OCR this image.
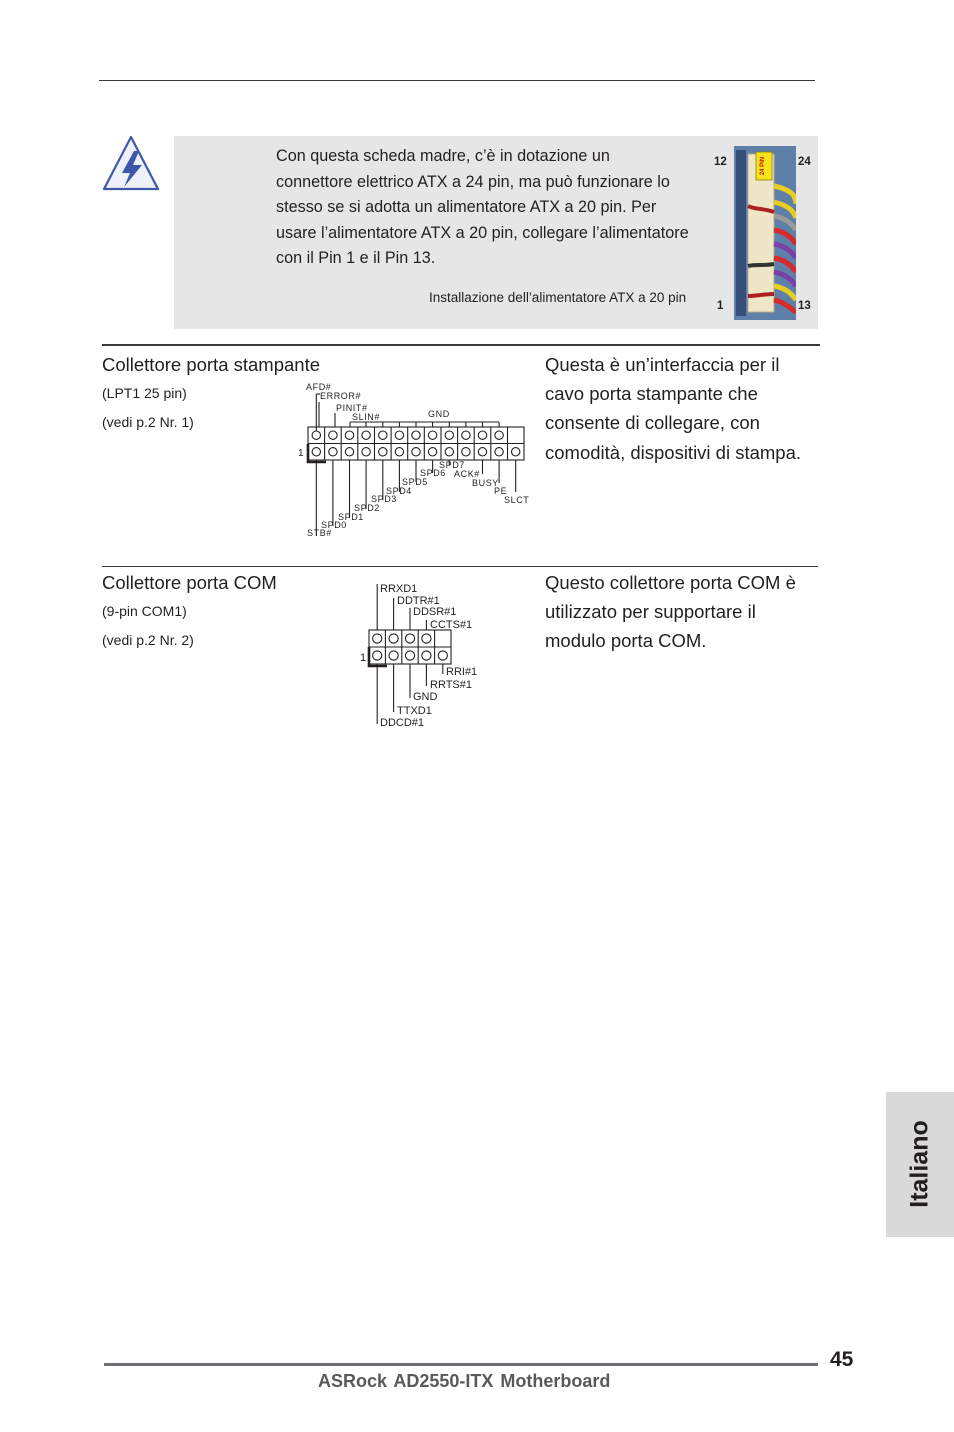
Con questa scheda madre, c’è in dotazione un
connettore elettrico ATX a 24 pin, ma può funzionare lo
stesso se si adotta un alimentatore ATX a 20 pin. Per
usare l’alimentatore ATX a 20 pin, collegare l’alimentatore
con il Pin 1 e il Pin 13.
Installazione dell’alimentatore ATX a 20 pin
12	24
1	13
24 PIN
Collettore porta stampante
(LPT1 25 pin)
(vedi p.2 Nr. 1)
Questa è un’interfaccia per il
cavo porta stampante che
consente di collegare, con
comodità, dispositivi di stampa.
1
AFD#
ERROR#
PINIT#
SLIN#	GND
SPD7
SPD6 ACK#
SPD5	BUSY
SPD4	PE
SPD3	SLCT
SPD2
SPD1
SPD0
STB#
Collettore porta COM
(9-pin COM1)
(vedi p.2 Nr. 2)
Questo collettore porta COM è
utilizzato per supportare il
modulo porta COM.
1
RRXD1
DDTR#1
DDSR#1
CCTS#1
RRI#1
RRTS#1
GND
TTXD1
DDCD#1
Italiano
45
ASRock AD2550-ITX Motherboard
